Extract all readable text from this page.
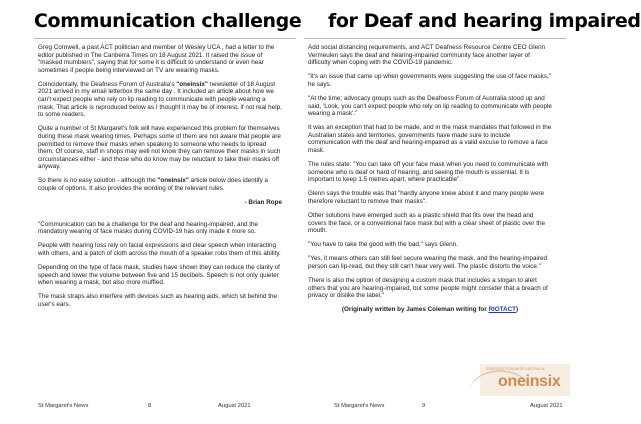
Communication challenge

Greg Cornwell, a past ACT politician and member of Wesley UCA , had a letter to the editor published in The Canberra Times on 18 August 2021. It raised the issue of "masked mumblers", saying that for some it is difficult to understand or even hear sometimes if people being interviewed on TV are wearing masks.

Coincidentally, the Deafness Forum of Australia's "oneinsix" newsletter of 18 August 2021 arrived in my email letterbox the same day . It included an article about how we can't expect people who rely on lip reading to communicate with people wearing a mask. That article is reproduced below as I thought it may be of interest, if not real help, to some readers.

Quite a number of St Margaret's folk will have experienced this problem for themselves during these mask wearing times. Perhaps some of them are not aware that people are permitted to remove their masks when speaking to someone who needs to lipread them. Of course, staff in shops may well not know they can remove their masks in such circumstances either - and those who do know may be reluctant to take their masks off anyway.

So there is no easy solution - although the "oneinsix" article below does identify a couple of options. It also provides the wording of the relevant rules.

- Brian Rope

"Communication can be a challenge for the deaf and hearing-impaired, and the mandatory wearing of face masks during COVID-19 has only made it more so.

People with hearing loss rely on facial expressions and clear speech when interacting with others, and a patch of cloth across the mouth of a speaker robs them of this ability.

Depending on the type of face mask, studies have shown they can reduce the clarity of speech and lower the volume between five and 15 decibels. Speech is not only quieter when wearing a mask, but also more muffled.

The mask straps also interfere with devices such as hearing aids, which sit behind the user's ears.

St Margaret's News	8	August 2021
for Deaf and hearing impaired

Add social distancing requirements, and ACT Deafness Resource Centre CEO Glenn Vermeulen says the deaf and hearing-impaired community face another layer of difficulty when coping with the COVID-19 pandemic.

"It's an issue that came up when governments were suggesting the use of face masks," he says.

"At the time; advocacy groups such as the Deafness Forum of Australia stood up and said, 'Look, you can't expect people who rely on lip reading to communicate with people wearing a mask'."

It was an exception that had to be made, and in the mask mandates that followed in the Australian states and territories, governments have made sure to include communication with the deaf and hearing-impaired as a valid excuse to remove a face mask.

The rules state: "You can take off your face mask when you need to communicate with someone who is deaf or hard of hearing, and seeing the mouth is essential. It is important to keep 1.5 metres apart, where practicable".

Glenn says the trouble was that "hardly anyone knew about it and many people were therefore reluctant to remove their masks".

Other solutions have emerged such as a plastic shield that fits over the head and covers the face, or a conventional face mask but with a clear sheet of plastic over the mouth.

"You have to take the good with the bad," says Glenn.

"Yes, it means others can still feel secure wearing the mask, and the hearing-impaired person can lip-read, but they still can't hear very well. The plastic distorts the voice."

There is also the option of designing a custom mask that includes a slogan to alert others that you are hearing-impaired, but some people might consider that a breach of privacy or dislike the label."

(Originally written by James Coleman writing for RIOTACT)
DEAFNESS FORUM OF AUSTRALIA
oneinsix
St Margaret's News	9	August 2021
